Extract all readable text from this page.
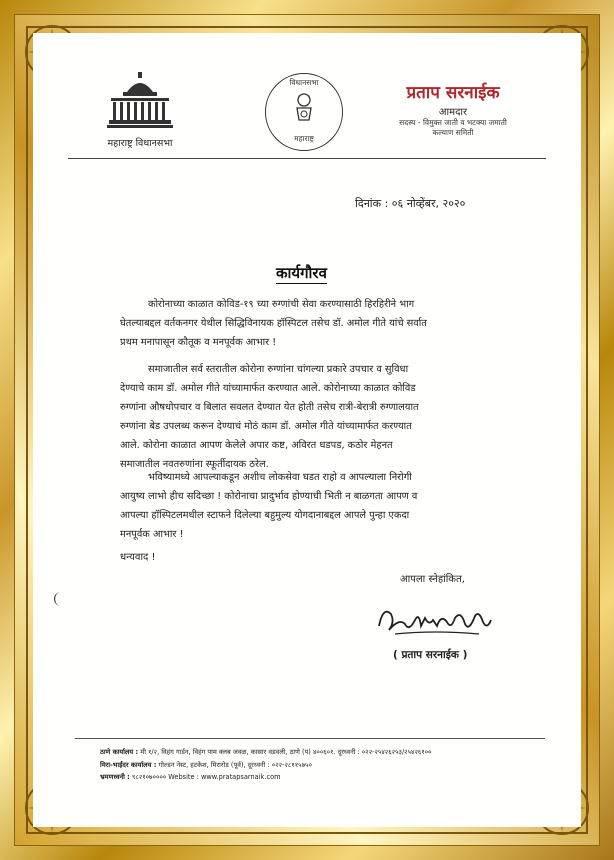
महाराष्ट्र विधानसभा
विधानसभा
महाराष्ट्र
प्रताप सरनाईक
आमदार
सदस्य - विमुक्त जाती व भटक्या जमाती
कल्याण समिती
दिनांक : ०६ नोव्हेंबर, २०२०
कार्यगौरव
कोरोनाच्या काळात कोविड-१९ च्या रुग्णांची सेवा करण्यासाठी हिरहिरीने भाग
घेतल्याबद्दल वर्तकनगर येथील सिद्धिविनायक हॉस्पिटल तसेच डॉ. अमोल गीते यांचे सर्वात
प्रथम मनापासून कौतूक व मनपूर्वक आभार !
समाजातील सर्व स्तरातील कोरोना रुग्णांना चांगल्या प्रकारे उपचार व सुविधा
देण्याचे काम डॉ. अमोल गीते यांच्यामार्फत करण्यात आले. कोरोनाच्या काळात कोविड
रुग्णांना औषधोपचार व बिलात सवलत देण्यात येत होती तसेच रात्री-बेरात्री रुग्णालयात
रुग्णांना बेड उपलब्ध करून देण्याचं मोठं काम डॉ. अमोल गीते यांच्यामार्फत करण्यात
आले. कोरोना काळात आपण केलेले अपार कष्ट, अविरत धडपड, कठोर मेहनत
समाजातील नवतरुणांना स्फूर्तीदायक ठरेल.
भविष्यामध्ये आपल्याकडून अशीच लोकसेवा घडत राहो व आपल्याला निरोगी
आयुष्य लाभो हीच सदिच्छा ! कोरोनाचा प्रादुर्भाव होण्याची भिती न बाळगता आपण व
आपल्या हॉस्पिटलमधील स्टाफने दिलेल्या बहुमुल्य योगदानाबद्दल आपले पुन्हा एकदा
मनपूर्वक आभार !
धन्यवाद !
आपला स्नेहांकित,
( प्रताप सरनाईक )
ठाणे कार्यालय : मी १/२, विहंग गार्डन, विहंग पाम क्लब जवळ, कासार वडवली, ठाणे (प) ४००६०१. दूरध्वनी : ०२२-२५४२६२५३/२५४२६१००
मिरा-भाईंदर कार्यालय : गोल्डन नेस्ट, हटकेश, मिरारोड (पूर्व), दूरध्वनी : ०२२-२८११५७५०
भ्रमणध्वनी : ९८२१०७०००० Website : www.pratapsarnaik.com
